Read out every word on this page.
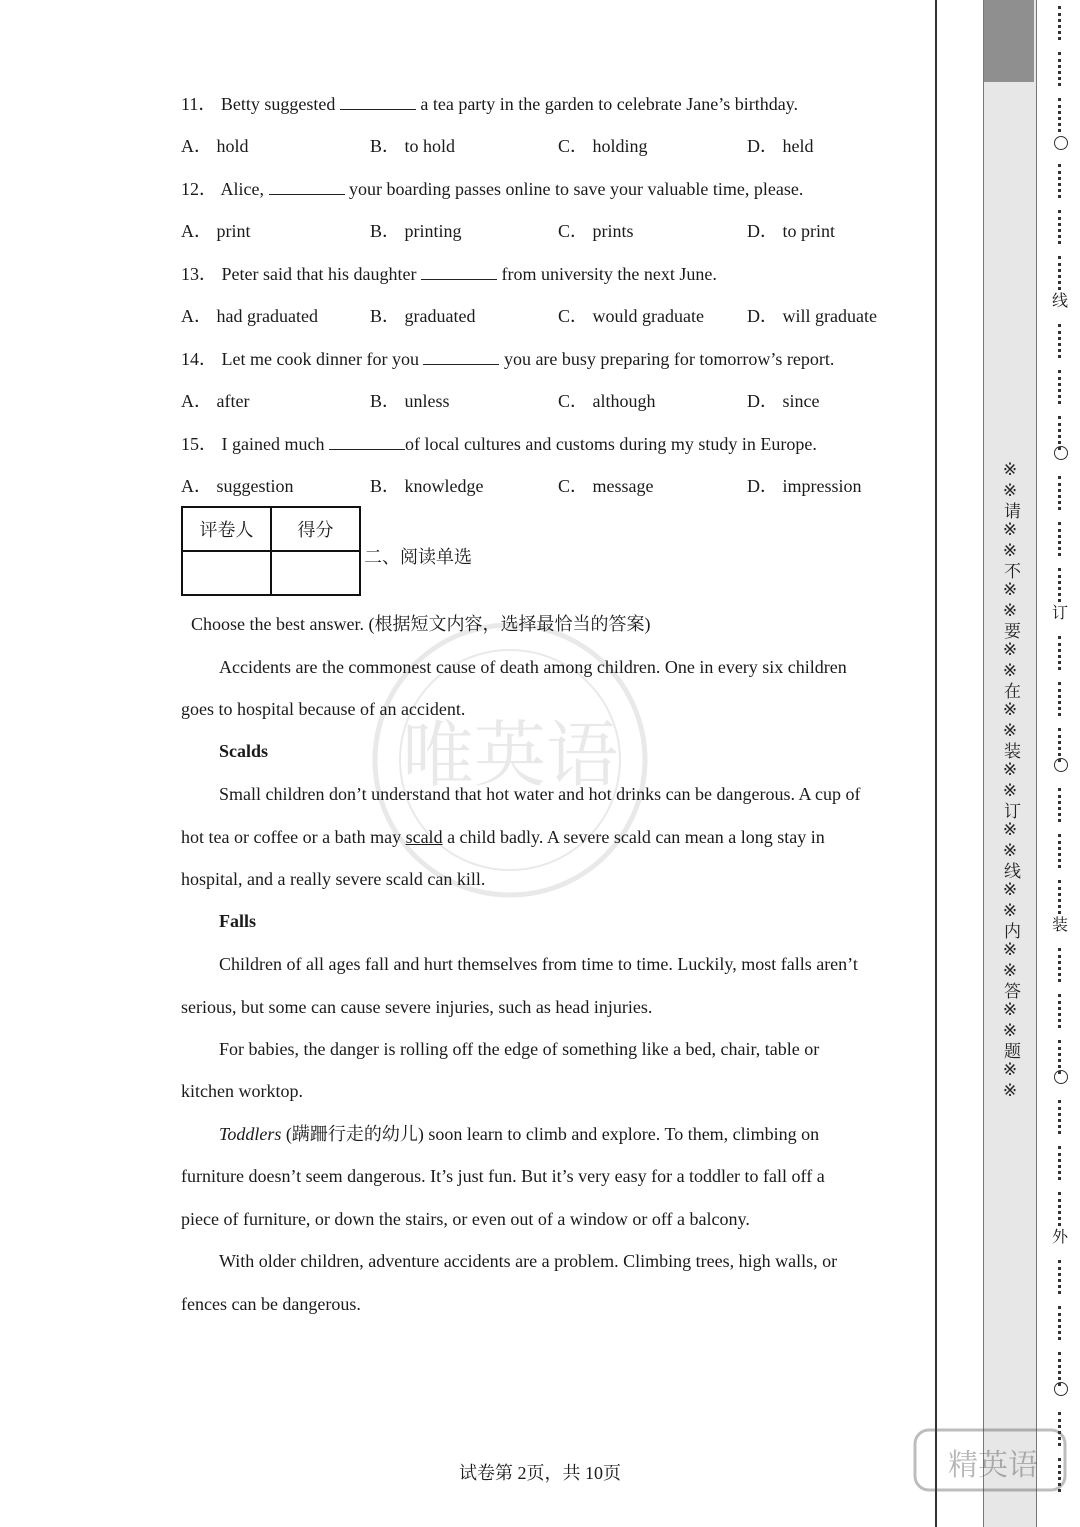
唯英语
11． Betty suggested	a tea party in the garden to celebrate Jane’s birthday.
A． hold	B． to hold	C． holding	D． held
12． Alice,	your boarding passes online to save your valuable time, please.
A． print	B． printing	C． prints	D． to print
13． Peter said that his daughter	from university the next June.
A． had graduated	B． graduated	C． would graduate D． will graduate
14． Let me cook dinner for you	you are busy preparing for tomorrow’s report.
A． after	B． unless	C． although	D． since
15． I gained much	of local cultures and customs during my study in Europe.
A． suggestion	B． knowledge	C． message	D． impression
评卷人	得分

二、阅读单选
Choose the best answer. (根据短文内容，选择最恰当的答案)
Accidents are the commonest cause of death among children. One in every six children
goes to hospital because of an accident.
Scalds
Small children don’t understand that hot water and hot drinks can be dangerous. A cup of
hot tea or coffee or a bath may scald a child badly. A severe scald can mean a long stay in
hospital, and a really severe scald can kill.
Falls
Children of all ages fall and hurt themselves from time to time. Luckily, most falls aren’t
serious, but some can cause severe injuries, such as head injuries.
For babies, the danger is rolling off the edge of something like a bed, chair, table or
kitchen worktop.
Toddlers (蹒跚行走的幼儿) soon learn to climb and explore. To them, climbing on
furniture doesn’t seem dangerous. It’s just fun. But it’s very easy for a toddler to fall off a
piece of furniture, or down the stairs, or even out of a window or off a balcony.
With older children, adventure accidents are a problem. Climbing trees, high walls, or
fences can be dangerous.
试卷第 2页，共 10页
※※请※※不※※要※※在※※装※※订※※线※※内※※答※※题※※
线
订
装
外
精英语
